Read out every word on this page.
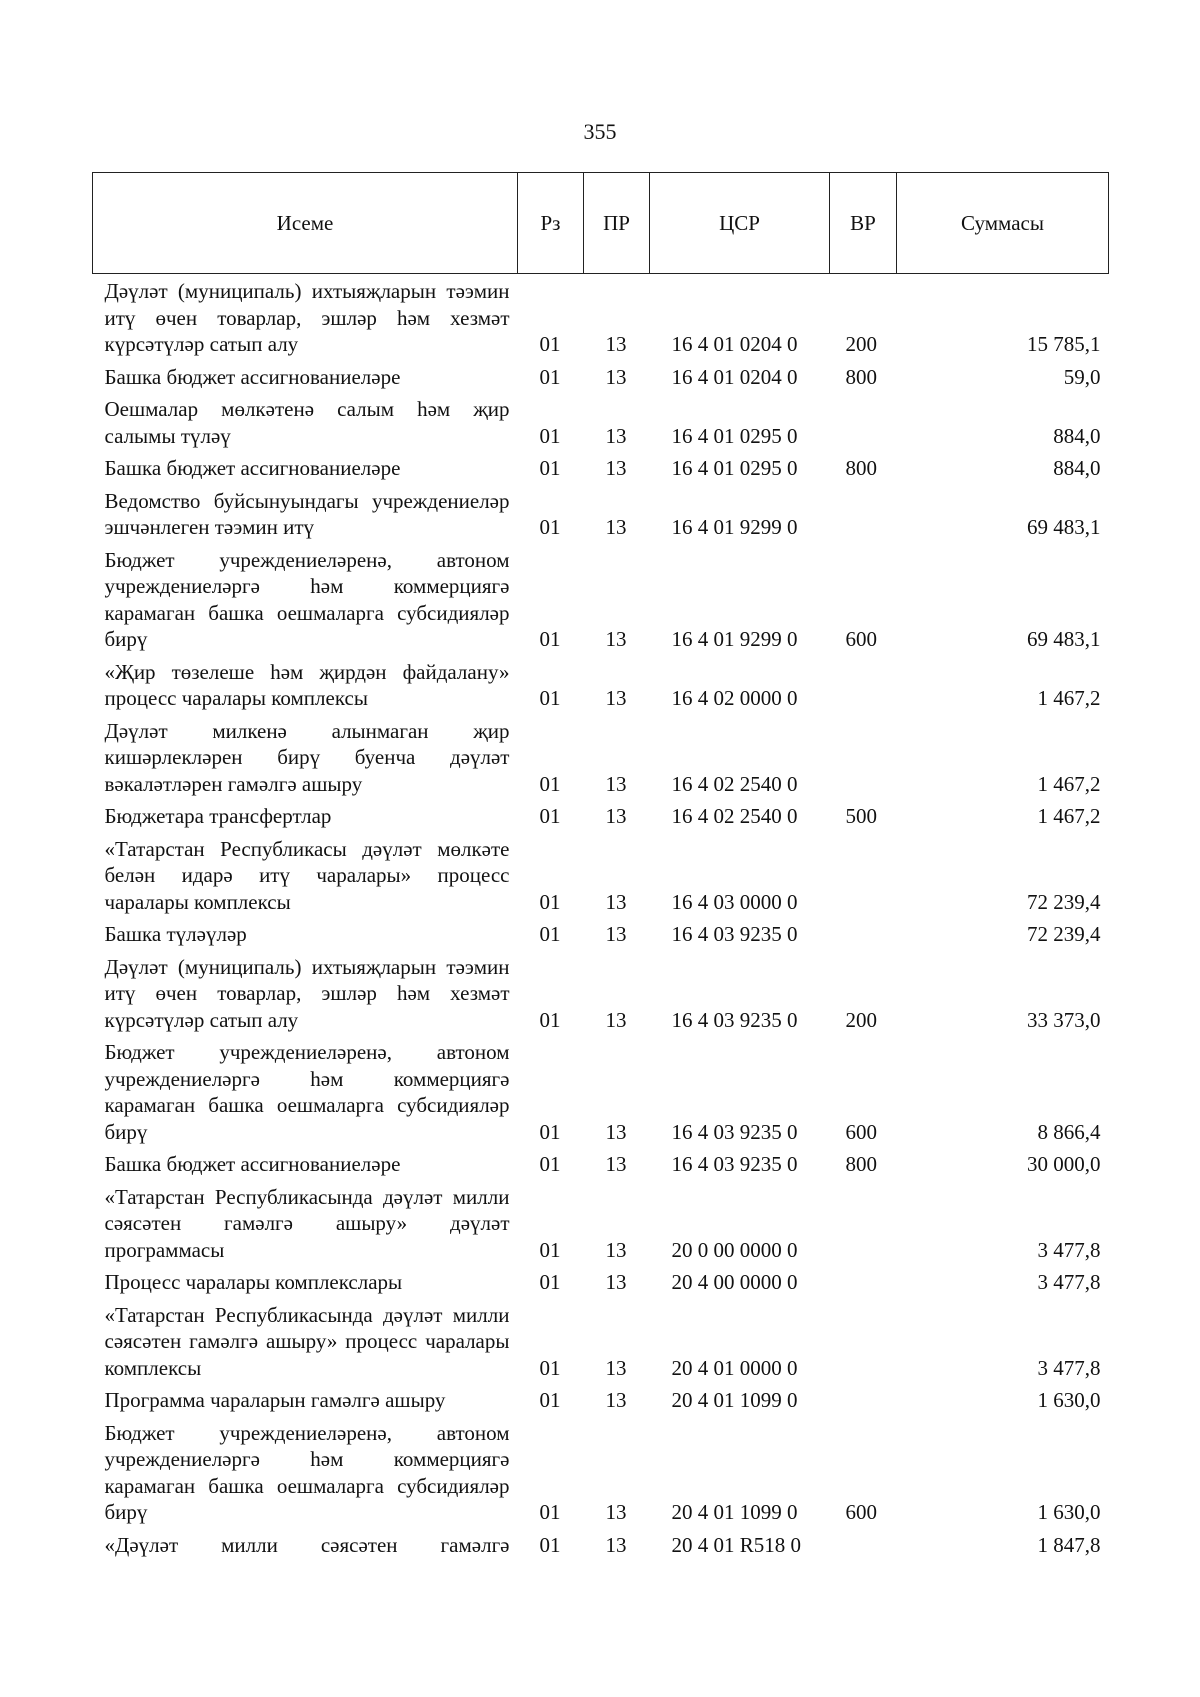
355
Исеме	Рз	ПР	ЦСР	ВР	Суммасы
Дәүләт (муниципаль) ихтыяҗларын тәэмин итү өчен товарлар, эшләр һәм хезмәт күрсәтүләр сатып алу	01	13	16 4 01 0204 0	200	15 785,1
Башка бюджет ассигнованиеләре	01	13	16 4 01 0204 0	800	59,0
Оешмалар мөлкәтенә салым һәм җир салымы түләү	01	13	16 4 01 0295 0		884,0
Башка бюджет ассигнованиеләре	01	13	16 4 01 0295 0	800	884,0
Ведомство буйсынуындагы учреждениеләр эшчәнлеген тәэмин итү	01	13	16 4 01 9299 0		69 483,1
Бюджет учреждениеләренә, автоном учреждениеләргә һәм коммерциягә карамаган башка оешмаларга субсидияләр бирү	01	13	16 4 01 9299 0	600	69 483,1
«Җир төзелеше һәм җирдән файдалану» процесс чаралары комплексы	01	13	16 4 02 0000 0		1 467,2
Дәүләт милкенә алынмаган җир кишәрлекләрен бирү буенча дәүләт вәкаләтләрен гамәлгә ашыру	01	13	16 4 02 2540 0		1 467,2
Бюджетара трансфертлар	01	13	16 4 02 2540 0	500	1 467,2
«Татарстан Республикасы дәүләт мөлкәте белән идарә итү чаралары» процесс чаралары комплексы	01	13	16 4 03 0000 0		72 239,4
Башка түләүләр	01	13	16 4 03 9235 0		72 239,4
Дәүләт (муниципаль) ихтыяҗларын тәэмин итү өчен товарлар, эшләр һәм хезмәт күрсәтүләр сатып алу	01	13	16 4 03 9235 0	200	33 373,0
Бюджет учреждениеләренә, автоном учреждениеләргә һәм коммерциягә карамаган башка оешмаларга субсидияләр бирү	01	13	16 4 03 9235 0	600	8 866,4
Башка бюджет ассигнованиеләре	01	13	16 4 03 9235 0	800	30 000,0
«Татарстан Республикасында дәүләт милли сәясәтен гамәлгә ашыру» дәүләт программасы	01	13	20 0 00 0000 0		3 477,8
Процесс чаралары комплекслары	01	13	20 4 00 0000 0		3 477,8
«Татарстан Республикасында дәүләт милли сәясәтен гамәлгә ашыру» процесс чаралары комплексы	01	13	20 4 01 0000 0		3 477,8
Программа чараларын гамәлгә ашыру	01	13	20 4 01 1099 0		1 630,0
Бюджет учреждениеләренә, автоном учреждениеләргә һәм коммерциягә карамаган башка оешмаларга субсидияләр бирү	01	13	20 4 01 1099 0	600	1 630,0
«Дәүләт милли сәясәтен гамәлгә	01	13	20 4 01 R518 0		1 847,8
